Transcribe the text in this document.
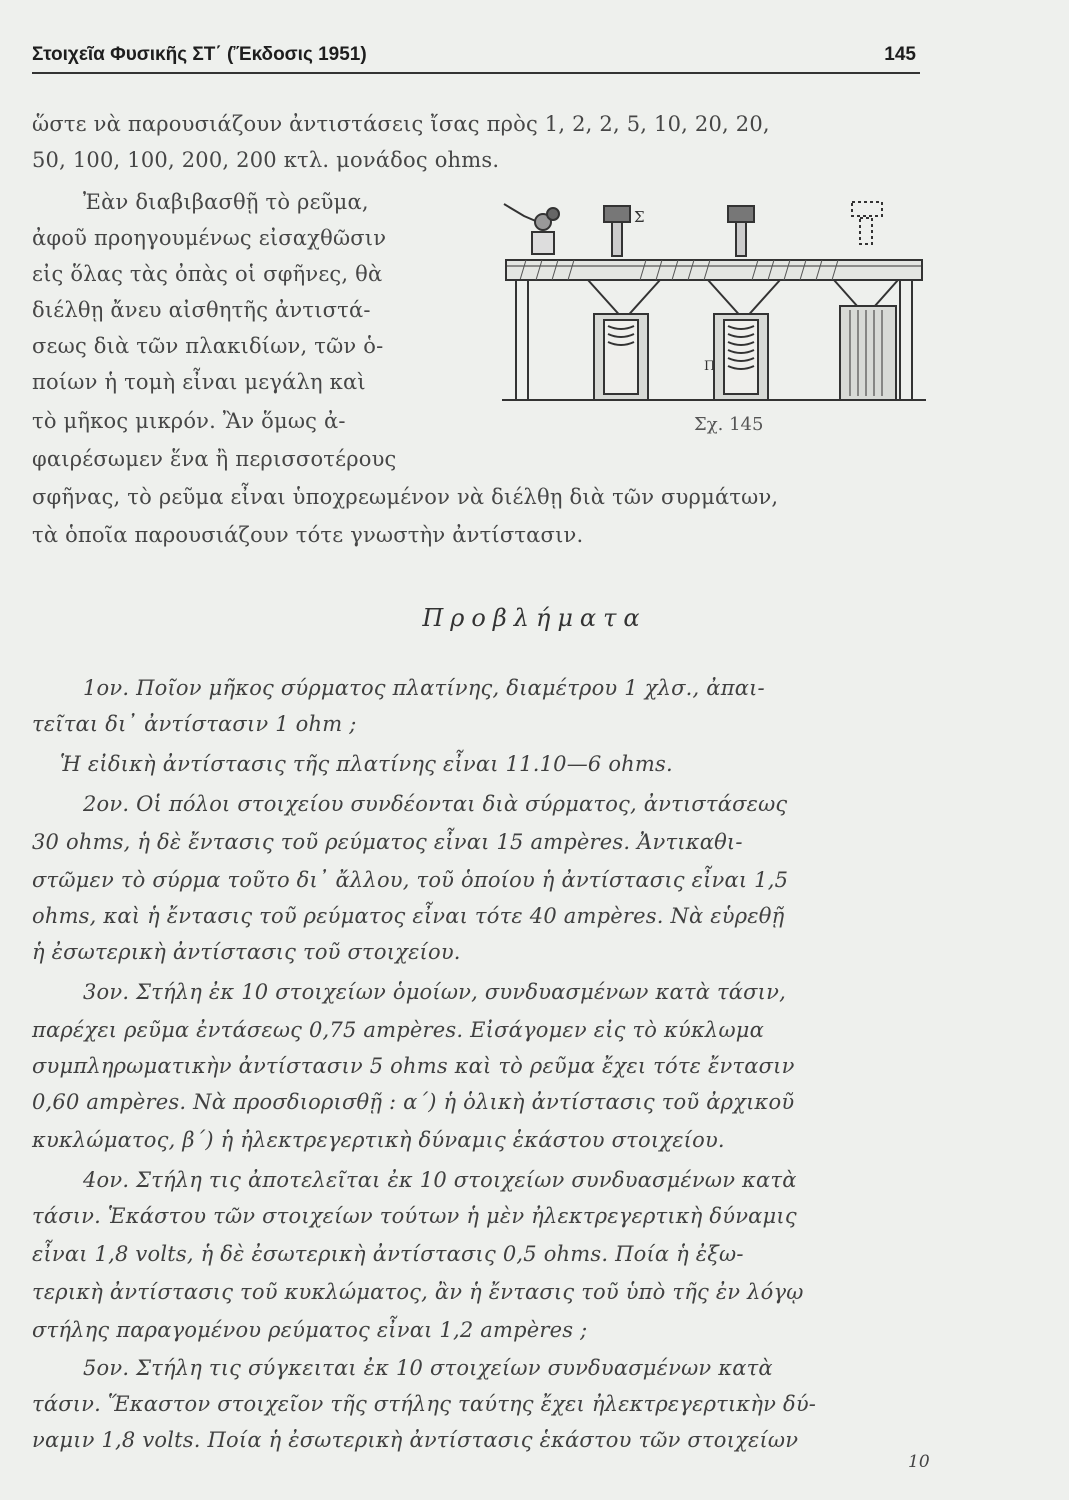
Στοιχεῖα Φυσικῆς ΣΤ΄ (Ἔκδοσις 1951)	145
ὥστε νὰ παρουσιάζουν ἀντιστάσεις ἴσας πρὸς 1, 2, 2, 5, 10, 20, 20,
50, 100, 100, 200, 200 κτλ. μονάδος ohms.
Ἐὰν διαβιβασθῇ τὸ ρεῦμα,
ἀφοῦ προηγουμένως εἰσαχθῶσιν
εἰς ὅλας τὰς ὀπὰς οἱ σφῆνες, θὰ
διέλθῃ ἄνευ αἰσθητῆς ἀντιστά-
σεως διὰ τῶν πλακιδίων, τῶν ὁ-
ποίων ἡ τομὴ εἶναι μεγάλη καὶ
τὸ μῆκος μικρόν. Ἂν ὅμως ἀ-
φαιρέσωμεν ἕνα ἢ περισσοτέρους
σφῆνας, τὸ ρεῦμα εἶναι ὑποχρεωμένον νὰ διέλθῃ διὰ τῶν συρμάτων,
τὰ ὁποῖα παρουσιάζουν τότε γνωστὴν ἀντίστασιν.
Σ
Π
Σχ. 145
Προβλήματα
1ον. Ποῖον μῆκος σύρματος πλατίνης, διαμέτρου 1 χλσ., ἀπαι-
τεῖται δι᾽ ἀντίστασιν 1 ohm ;
Ἡ εἰδικὴ ἀντίστασις τῆς πλατίνης εἶναι 11.10—6 ohms.
2ον. Οἱ πόλοι στοιχείου συνδέονται διὰ σύρματος, ἀντιστάσεως
30 ohms, ἡ δὲ ἔντασις τοῦ ρεύματος εἶναι 15 ampères. Ἀντικαθι-
στῶμεν τὸ σύρμα τοῦτο δι᾽ ἄλλου, τοῦ ὁποίου ἡ ἀντίστασις εἶναι 1,5
ohms, καὶ ἡ ἔντασις τοῦ ρεύματος εἶναι τότε 40 ampères. Νὰ εὑρεθῇ
ἡ ἐσωτερικὴ ἀντίστασις τοῦ στοιχείου.
3ον. Στήλη ἐκ 10 στοιχείων ὁμοίων, συνδυασμένων κατὰ τάσιν,
παρέχει ρεῦμα ἐντάσεως 0,75 ampères. Εἰσάγομεν εἰς τὸ κύκλωμα
συμπληρωματικὴν ἀντίστασιν 5 ohms καὶ τὸ ρεῦμα ἔχει τότε ἔντασιν
0,60 ampères. Νὰ προσδιορισθῇ : α΄) ἡ ὁλικὴ ἀντίστασις τοῦ ἀρχικοῦ
κυκλώματος, β΄) ἡ ἠλεκτρεγερτικὴ δύναμις ἑκάστου στοιχείου.
4ον. Στήλη τις ἀποτελεῖται ἐκ 10 στοιχείων συνδυασμένων κατὰ
τάσιν. Ἑκάστου τῶν στοιχείων τούτων ἡ μὲν ἠλεκτρεγερτικὴ δύναμις
εἶναι 1,8 volts, ἡ δὲ ἐσωτερικὴ ἀντίστασις 0,5 ohms. Ποία ἡ ἐξω-
τερικὴ ἀντίστασις τοῦ κυκλώματος, ἂν ἡ ἔντασις τοῦ ὑπὸ τῆς ἐν λόγῳ
στήλης παραγομένου ρεύματος εἶναι 1,2 ampères ;
5ον. Στήλη τις σύγκειται ἐκ 10 στοιχείων συνδυασμένων κατὰ
τάσιν. Ἕκαστον στοιχεῖον τῆς στήλης ταύτης ἔχει ἠλεκτρεγερτικὴν δύ-
ναμιν 1,8 volts. Ποία ἡ ἐσωτερικὴ ἀντίστασις ἑκάστου τῶν στοιχείων
10
